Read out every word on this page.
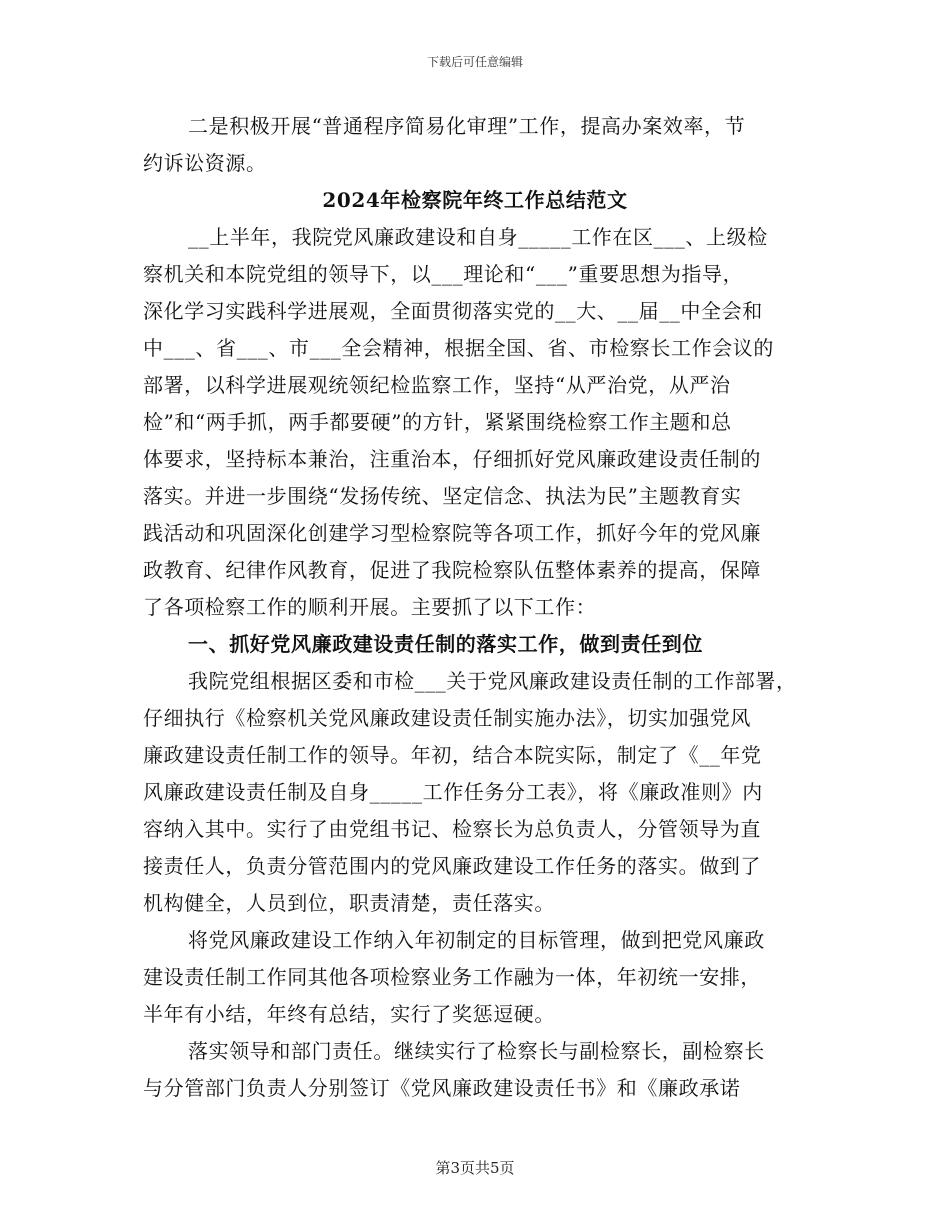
下载后可任意编辑
二是积极开展“普通程序简易化审理”工作，提高办案效率，节
约诉讼资源。
2024年检察院年终工作总结范文
__上半年，我院党风廉政建设和自身_____工作在区___、上级检
察机关和本院党组的领导下，以___理论和“___”重要思想为指导，
深化学习实践科学进展观，全面贯彻落实党的__大、__届__中全会和
中___、省___、市___全会精神，根据全国、省、市检察长工作会议的
部署，以科学进展观统领纪检监察工作，坚持“从严治党，从严治
检”和“两手抓，两手都要硬”的方针，紧紧围绕检察工作主题和总
体要求，坚持标本兼治，注重治本，仔细抓好党风廉政建设责任制的
落实。并进一步围绕“发扬传统、坚定信念、执法为民”主题教育实
践活动和巩固深化创建学习型检察院等各项工作，抓好今年的党风廉
政教育、纪律作风教育，促进了我院检察队伍整体素养的提高，保障
了各项检察工作的顺利开展。主要抓了以下工作：
一、抓好党风廉政建设责任制的落实工作，做到责任到位
我院党组根据区委和市检___关于党风廉政建设责任制的工作部署，
仔细执行《检察机关党风廉政建设责任制实施办法》，切实加强党风
廉政建设责任制工作的领导。年初，结合本院实际，制定了《__年党
风廉政建设责任制及自身_____工作任务分工表》，将《廉政准则》内
容纳入其中。实行了由党组书记、检察长为总负责人，分管领导为直
接责任人，负责分管范围内的党风廉政建设工作任务的落实。做到了
机构健全，人员到位，职责清楚，责任落实。
将党风廉政建设工作纳入年初制定的目标管理，做到把党风廉政
建设责任制工作同其他各项检察业务工作融为一体，年初统一安排，
半年有小结，年终有总结，实行了奖惩逗硬。
落实领导和部门责任。继续实行了检察长与副检察长，副检察长
与分管部门负责人分别签订《党风廉政建设责任书》和《廉政承诺
第3页共5页
